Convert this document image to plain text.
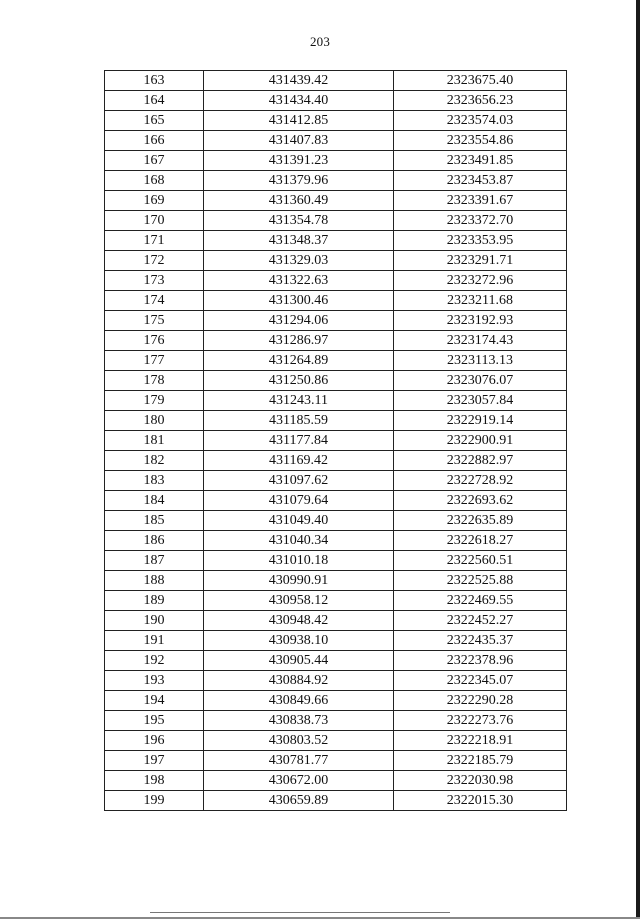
203
163	431439.42	2323675.40
164	431434.40	2323656.23
165	431412.85	2323574.03
166	431407.83	2323554.86
167	431391.23	2323491.85
168	431379.96	2323453.87
169	431360.49	2323391.67
170	431354.78	2323372.70
171	431348.37	2323353.95
172	431329.03	2323291.71
173	431322.63	2323272.96
174	431300.46	2323211.68
175	431294.06	2323192.93
176	431286.97	2323174.43
177	431264.89	2323113.13
178	431250.86	2323076.07
179	431243.11	2323057.84
180	431185.59	2322919.14
181	431177.84	2322900.91
182	431169.42	2322882.97
183	431097.62	2322728.92
184	431079.64	2322693.62
185	431049.40	2322635.89
186	431040.34	2322618.27
187	431010.18	2322560.51
188	430990.91	2322525.88
189	430958.12	2322469.55
190	430948.42	2322452.27
191	430938.10	2322435.37
192	430905.44	2322378.96
193	430884.92	2322345.07
194	430849.66	2322290.28
195	430838.73	2322273.76
196	430803.52	2322218.91
197	430781.77	2322185.79
198	430672.00	2322030.98
199	430659.89	2322015.30
